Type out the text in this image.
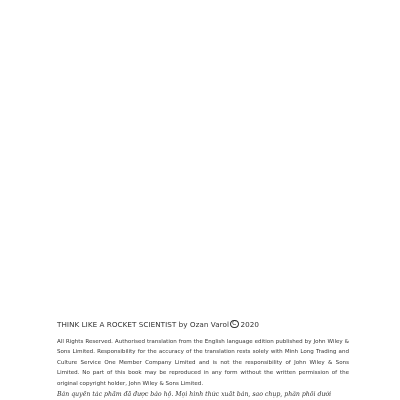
THINK LIKE A ROCKET SCIENTIST by Ozan Varol C 2020
All Rights Reserved. Authorised translation from the English language edition published by John Wiley & Sons Limited. Responsibility for the accuracy of the translation rests solely with Minh Long Trading and Culture Service One Member Company Limited and is not the responsibility of John Wiley & Sons Limited. No part of this book may be reproduced in any form without the written permission of the original copyright holder, John Wiley & Sons Limited.
Bản quyền tác phẩm đã được bảo hộ. Mọi hình thức xuất bản, sao chụp, phân phối dưới
